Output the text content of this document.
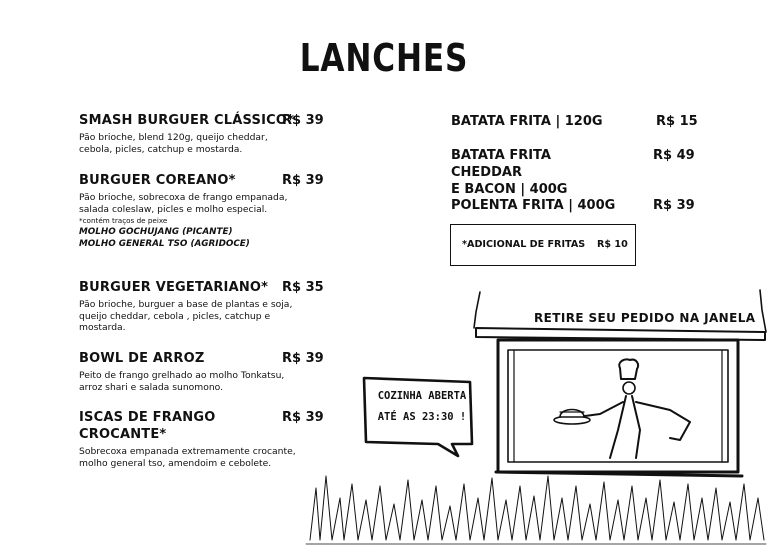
LANCHES
SMASH BURGUER CLÁSSICO*
R$ 39
Pão brioche, blend 120g, queijo cheddar, cebola, picles, catchup e mostarda.
BURGUER COREANO*	R$ 39
Pão brioche, sobrecoxa de frango empanada, salada coleslaw, picles e molho especial.
*contém traços de peixe
MOLHO GOCHUJANG (PICANTE)
MOLHO GENERAL TSO (AGRIDOCE)
BURGUER VEGETARIANO*	R$ 35
Pão brioche, burguer a base de plantas e soja, queijo cheddar, cebola , picles, catchup e mostarda.
BOWL DE ARROZ	R$ 39
Peito de frango grelhado ao molho Tonkatsu, arroz shari e salada sunomono.
ISCAS DE FRANGO
CROCANTE*
R$ 39
Sobrecoxa empanada extremamente crocante, molho general tso, amendoim e cebolete.
BATATA FRITA | 120G	R$ 15
BATATA FRITA CHEDDAR
E BACON | 400G
R$ 49
POLENTA FRITA | 400G	R$ 39
*ADICIONAL DE FRITAS R$ 10
RETIRE SEU PEDIDO NA JANELA
COZINHA ABERTA
ATÉ AS 23:30 !
